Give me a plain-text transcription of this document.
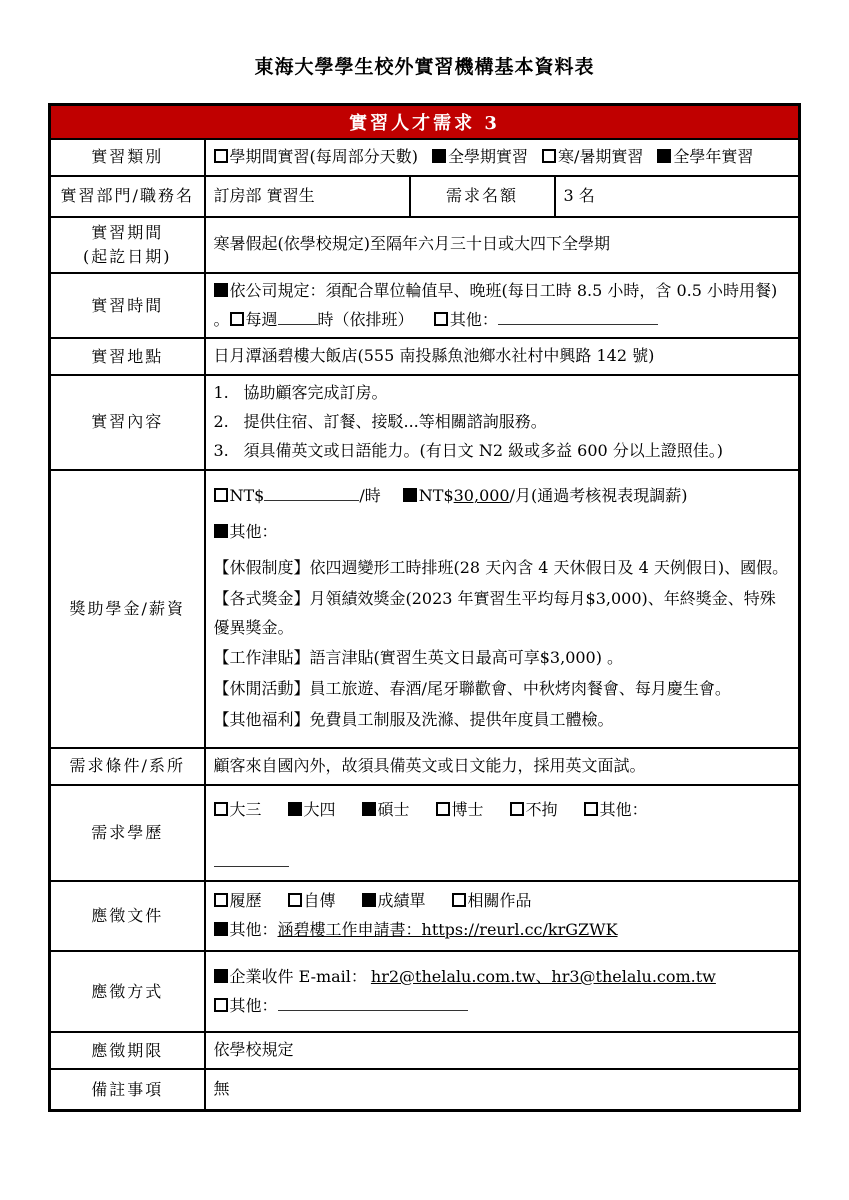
東海大學學生校外實習機構基本資料表
實習人才需求 3			
實習類別	學期間實習(每周部分天數) 全學期實習 寒/暑期實習 全學年實習		
實習部門/職務名	訂房部 實習生	需求名額	3 名

實習期間
(起訖日期)	寒暑假起(依學校規定)至隔年六月三十日或大四下全學期		
實習時間	依公司規定：須配合單位輪值早、晚班(每日工時 8.5 小時，含 0.5 小時用餐) 。 每週 時（依排班） 其他：		
實習地點	日月潭涵碧樓大飯店(555 南投縣魚池鄉水社村中興路 142 號)		
實習內容	
1. 協助顧客完成訂房。
2. 提供住宿、訂餐、接駁...等相關諮詢服務。
3. 須具備英文或日語能力。(有日文 N2 級或多益 600 分以上證照佳。)

獎助學金/薪資	
NT$	/時 NT$30,000/月(通過考核視表現調薪)
其他：
【休假制度】依四週變形工時排班(28 天內含 4 天休假日及 4 天例假日)、國假。
【各式獎金】月領績效獎金(2023 年實習生平均每月$3,000)、年終獎金、特殊優異獎金。
【工作津貼】語言津貼(實習生英文日最高可享$3,000) 。
【休閒活動】員工旅遊、春酒/尾牙聯歡會、中秋烤肉餐會、每月慶生會。
【其他福利】免費員工制服及洗滌、提供年度員工體檢。

需求條件/系所	顧客來自國內外，故須具備英文或日文能力，採用英文面試。		
需求學歷	大三 大四 碩士 博士 不拘 其他：		

應徵文件	履歷 自傳 成績單 相關作品
其他：涵碧樓工作申請書：https://reurl.cc/krGZWK		

應徵方式	企業收件 E-mail： hr2@thelalu.com.tw、hr3@thelalu.com.tw
其他：		

應徵期限	依學校規定		
備註事項	無		
